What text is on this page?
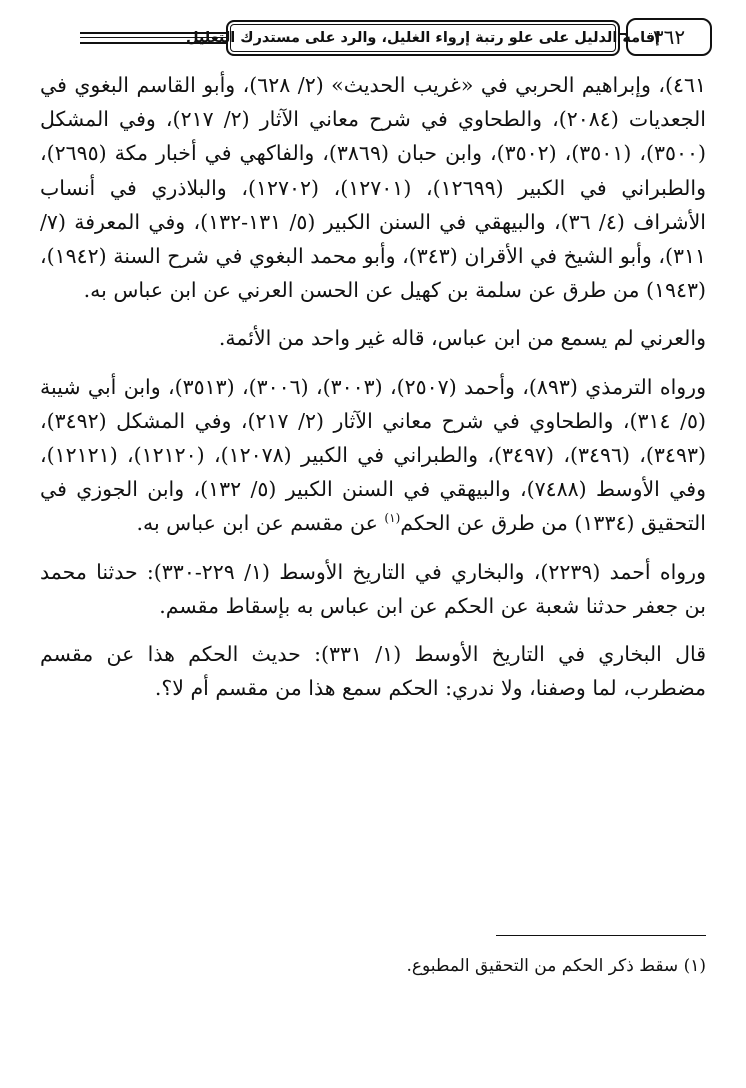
إقامة الدليل على علو رتبة إرواء الغليل، والرد على مستدرك التعليل
٣٦٢

٤٦١)، وإبراهيم الحربي في «غريب الحديث» (٢/ ٦٢٨)، وأبو القاسم البغوي في الجعديات (٢٠٨٤)، والطحاوي في شرح معاني الآثار (٢/ ٢١٧)، وفي المشكل (٣٥٠٠)، (٣٥٠١)، (٣٥٠٢)، وابن حبان (٣٨٦٩)، والفاكهي في أخبار مكة (٢٦٩٥)، والطبراني في الكبير (١٢٦٩٩)، (١٢٧٠١)، (١٢٧٠٢)، والبلاذري في أنساب الأشراف (٤/ ٣٦)، والبيهقي في السنن الكبير (٥/ ١٣١-١٣٢)، وفي المعرفة (٧/ ٣١١)، وأبو الشيخ في الأقران (٣٤٣)، وأبو محمد البغوي في شرح السنة (١٩٤٢)، (١٩٤٣) من طرق عن سلمة بن كهيل عن الحسن العرني عن ابن عباس به.

والعرني لم يسمع من ابن عباس، قاله غير واحد من الأئمة.

ورواه الترمذي (٨٩٣)، وأحمد (٢٥٠٧)، (٣٠٠٣)، (٣٠٠٦)، (٣٥١٣)، وابن أبي شيبة (٥/ ٣١٤)، والطحاوي في شرح معاني الآثار (٢/ ٢١٧)، وفي المشكل (٣٤٩٢)، (٣٤٩٣)، (٣٤٩٦)، (٣٤٩٧)، والطبراني في الكبير (١٢٠٧٨)، (١٢١٢٠)، (١٢١٢١)، وفي الأوسط (٧٤٨٨)، والبيهقي في السنن الكبير (٥/ ١٣٢)، وابن الجوزي في التحقيق (١٣٣٤) من طرق عن الحكم$^{(١)}$ عن مقسم عن ابن عباس به.

ورواه أحمد (٢٢٣٩)، والبخاري في التاريخ الأوسط (١/ ٢٢٩-٣٣٠): حدثنا محمد بن جعفر حدثنا شعبة عن الحكم عن ابن عباس به بإسقاط مقسم.

قال البخاري في التاريخ الأوسط (١/ ٣٣١): حديث الحكم هذا عن مقسم مضطرب، لما وصفنا، ولا ندري: الحكم سمع هذا من مقسم أم لا؟.

(١) سقط ذكر الحكم من التحقيق المطبوع.
